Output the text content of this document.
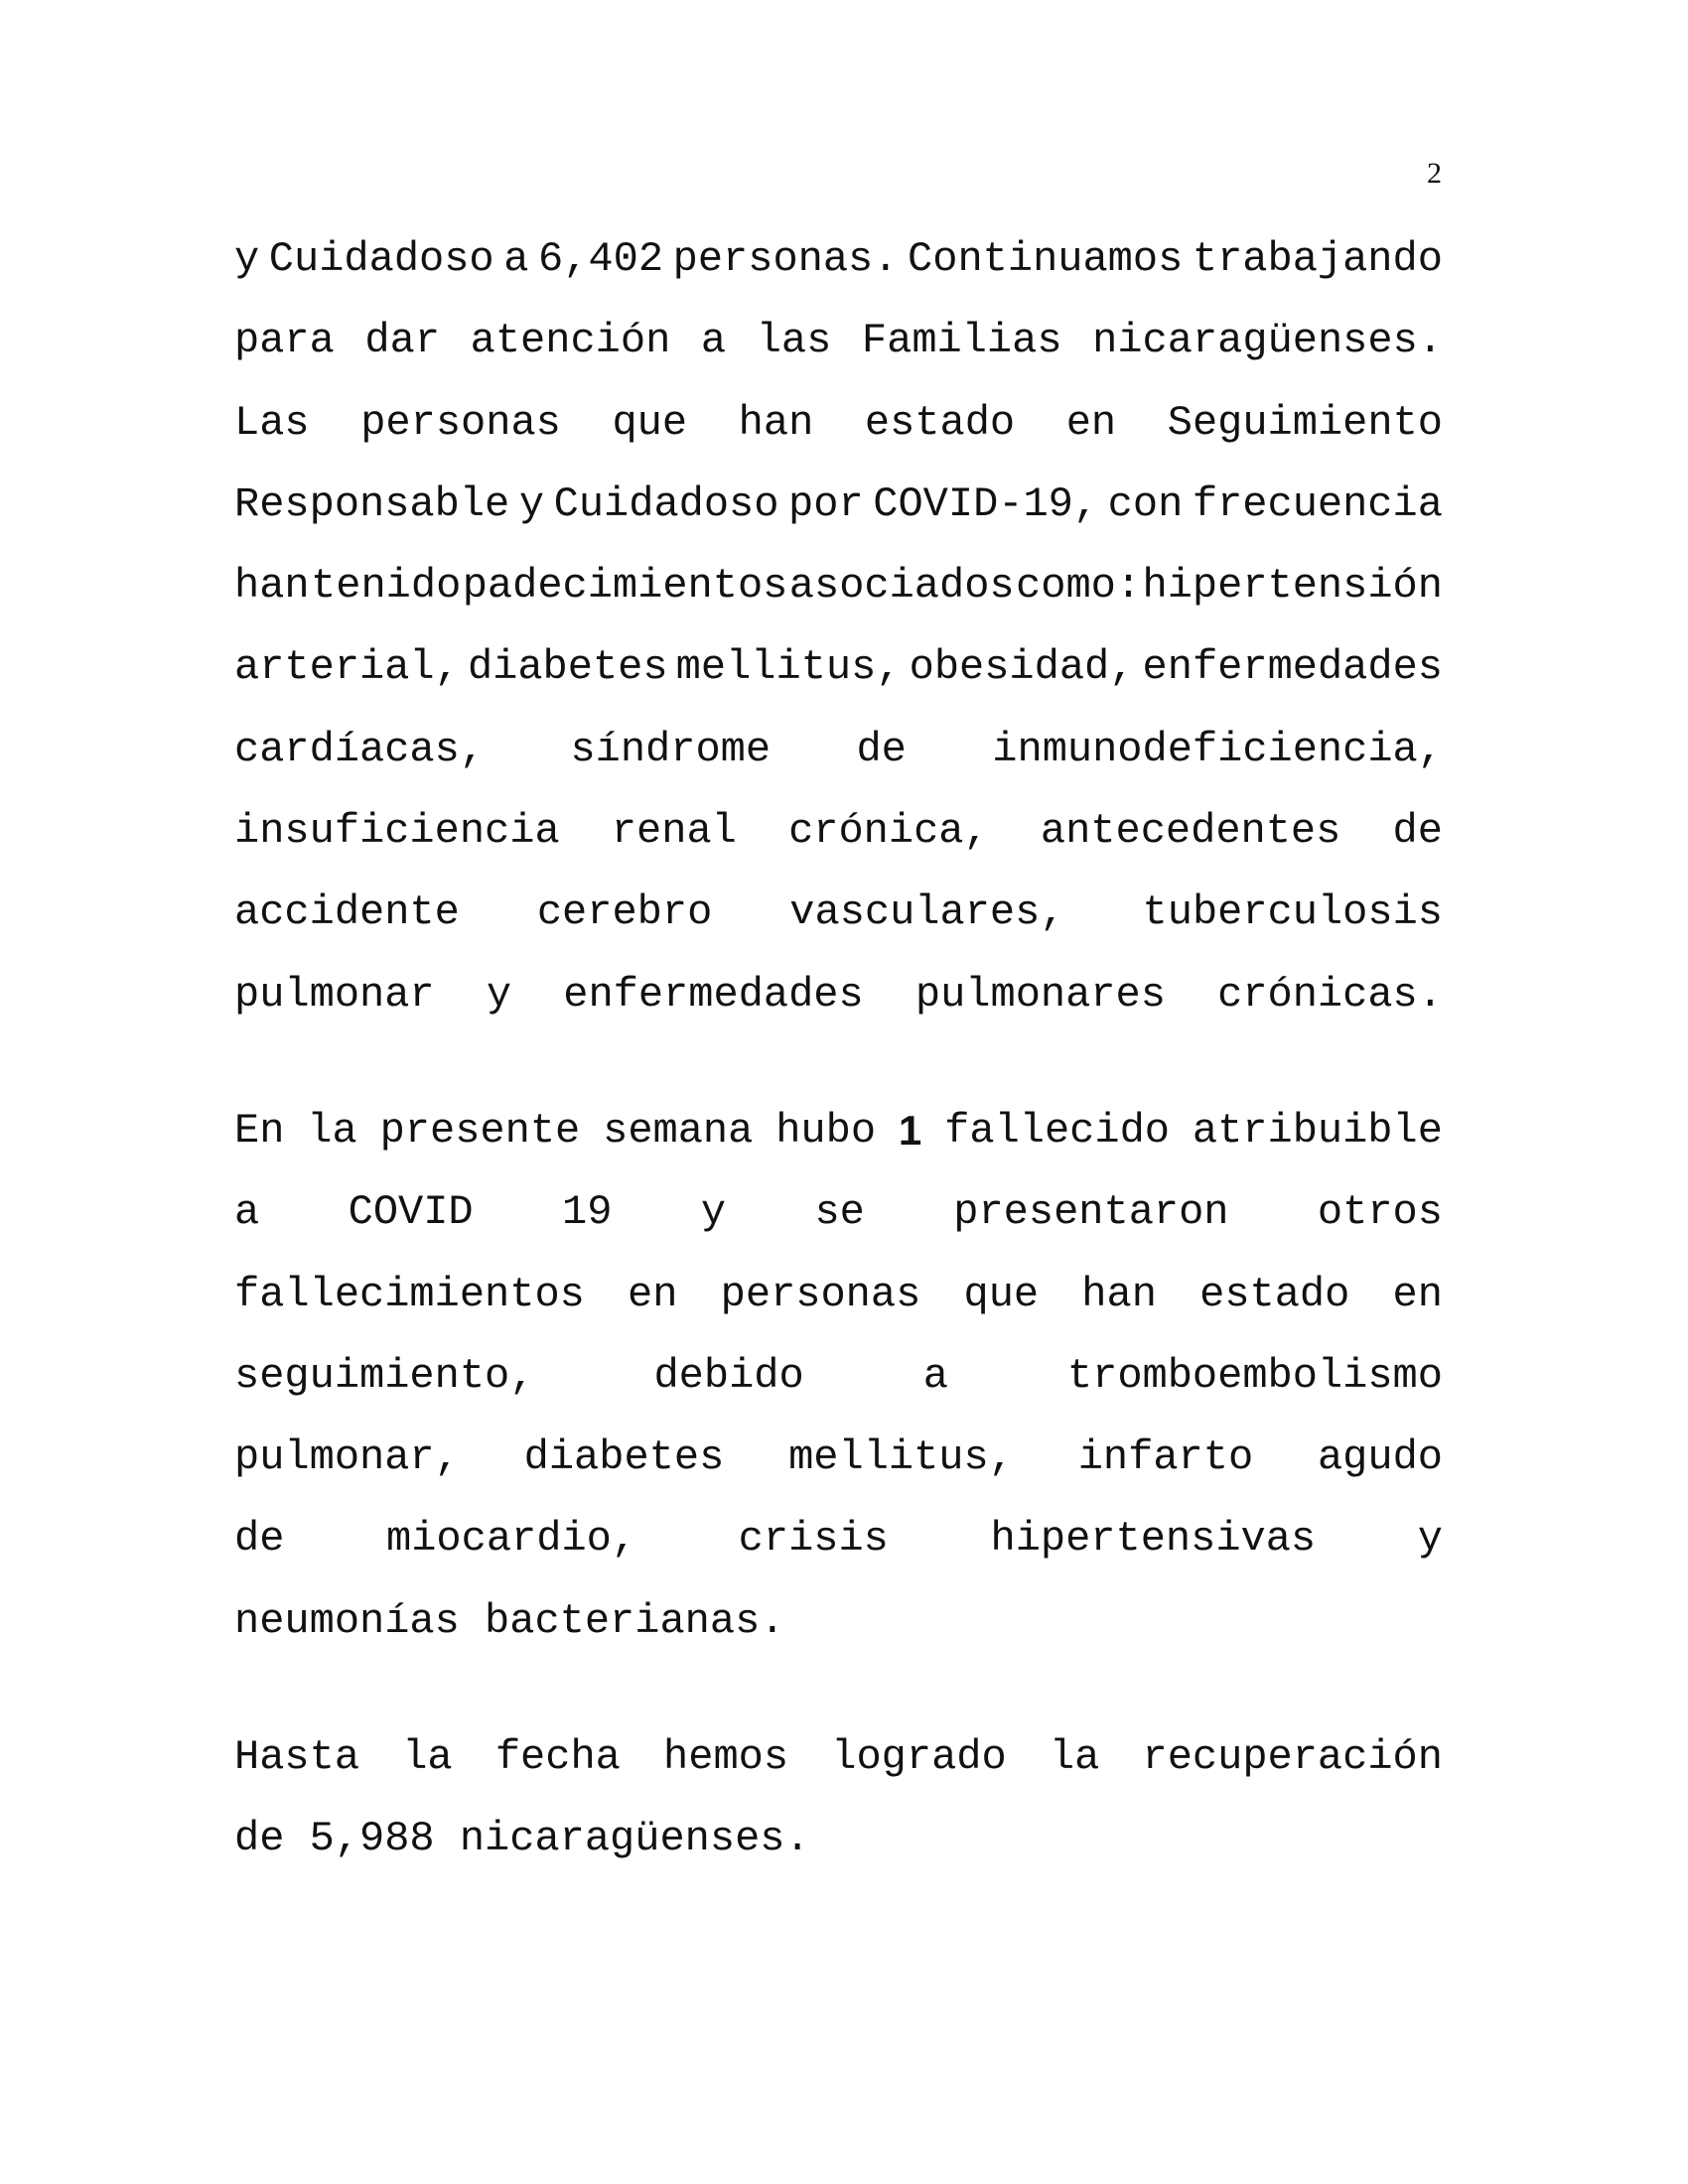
2
y Cuidadoso a 6,402 personas. Continuamos trabajando
para dar atención a las Familias nicaragüenses.
Las personas que han estado en Seguimiento
Responsable y Cuidadoso por COVID-19, con frecuencia
han tenido padecimientos asociados como: hipertensión
arterial, diabetes mellitus, obesidad, enfermedades
cardíacas, síndrome de inmunodeficiencia,
insuficiencia renal crónica, antecedentes de
accidente cerebro vasculares, tuberculosis
pulmonar y enfermedades pulmonares crónicas.
En la presente semana hubo 1 fallecido atribuible
a COVID 19 y se presentaron otros
fallecimientos en personas que han estado en
seguimiento,	debido	a	tromboembolismo
pulmonar, diabetes mellitus, infarto agudo
de miocardio, crisis hipertensivas y
neumonías bacterianas.
Hasta la fecha hemos logrado la recuperación
de 5,988 nicaragüenses.
